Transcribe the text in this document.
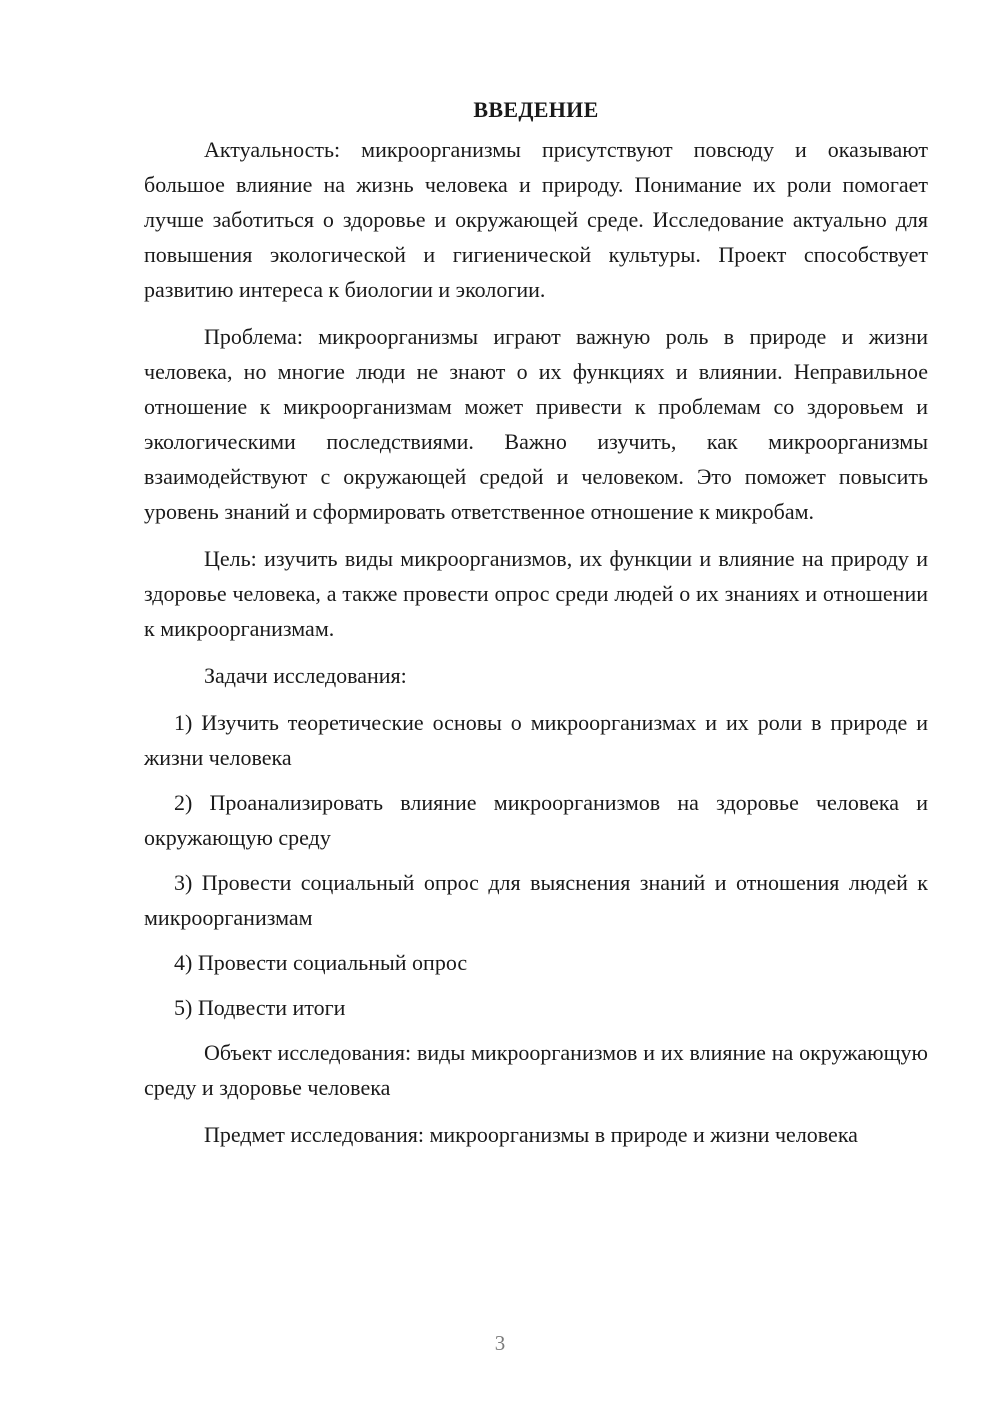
ВВЕДЕНИЕ

Актуальность: микроорганизмы присутствуют повсюду и оказывают большое влияние на жизнь человека и природу. Понимание их роли помогает лучше заботиться о здоровье и окружающей среде. Исследование актуально для повышения экологической и гигиенической культуры. Проект способствует развитию интереса к биологии и экологии.

Проблема: микроорганизмы играют важную роль в природе и жизни человека, но многие люди не знают о их функциях и влиянии. Неправильное отношение к микроорганизмам может привести к проблемам со здоровьем и экологическими последствиями. Важно изучить, как микроорганизмы взаимодействуют с окружающей средой и человеком. Это поможет повысить уровень знаний и сформировать ответственное отношение к микробам.

Цель: изучить виды микроорганизмов, их функции и влияние на природу и здоровье человека, а также провести опрос среди людей о их знаниях и отношении к микроорганизмам.

Задачи исследования:

1) Изучить теоретические основы о микроорганизмах и их роли в природе и жизни человека

2) Проанализировать влияние микроорганизмов на здоровье человека и окружающую среду

3) Провести социальный опрос для выяснения знаний и отношения людей к микроорганизмам

4) Провести социальный опрос

5) Подвести итоги

Объект исследования: виды микроорганизмов и их влияние на окружающую среду и здоровье человека

Предмет исследования: микроорганизмы в природе и жизни человека

3
